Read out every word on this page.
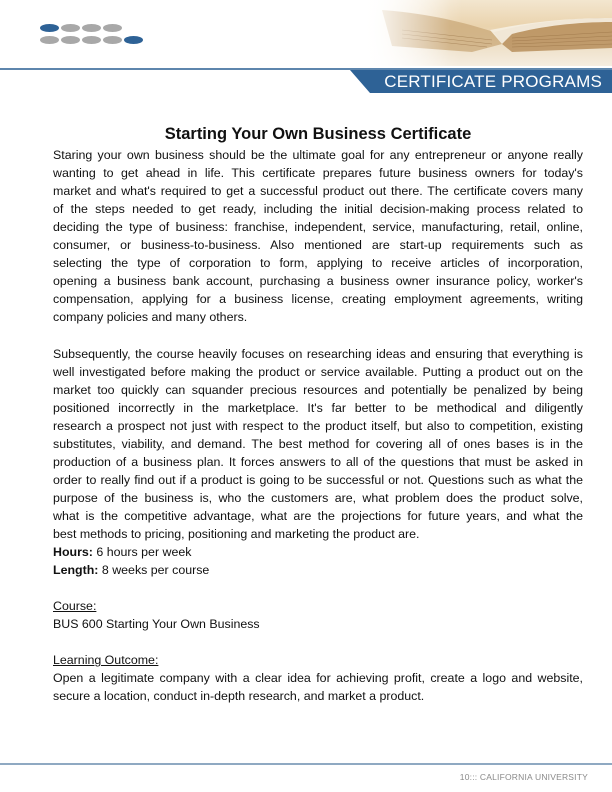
CERTIFICATE PROGRAMS
Starting Your Own Business Certificate
Staring your own business should be the ultimate goal for any entrepreneur or anyone really
wanting to get ahead in life. This certificate prepares future business owners for today's
market and what's required to get a successful product out there. The certificate covers many
of the steps needed to get ready, including the initial decision-making process related to
deciding the type of business: franchise, independent, service, manufacturing, retail, online,
consumer, or business-to-business. Also mentioned are start-up requirements such as
selecting the type of corporation to form, applying to receive articles of incorporation,
opening a business bank account, purchasing a business owner insurance policy, worker's
compensation, applying for a business license, creating employment agreements, writing
company policies and many others.
Subsequently, the course heavily focuses on researching ideas and ensuring that everything is
well investigated before making the product or service available. Putting a product out on the
market too quickly can squander precious resources and potentially be penalized by being
positioned incorrectly in the marketplace. It's far better to be methodical and diligently
research a prospect not just with respect to the product itself, but also to competition, existing
substitutes, viability, and demand. The best method for covering all of ones bases is in the
production of a business plan. It forces answers to all of the questions that must be asked in
order to really find out if a product is going to be successful or not. Questions such as what the
purpose of the business is, who the customers are, what problem does the product solve,
what is the competitive advantage, what are the projections for future years, and what the
best methods to pricing, positioning and marketing the product are.
Hours: 6 hours per week
Length: 8 weeks per course
Course:
BUS 600 Starting Your Own Business
Learning Outcome:
Open a legitimate company with a clear idea for achieving profit, create a logo and website,
secure a location, conduct in-depth research, and market a product.
10::: CALIFORNIA UNIVERSITY
